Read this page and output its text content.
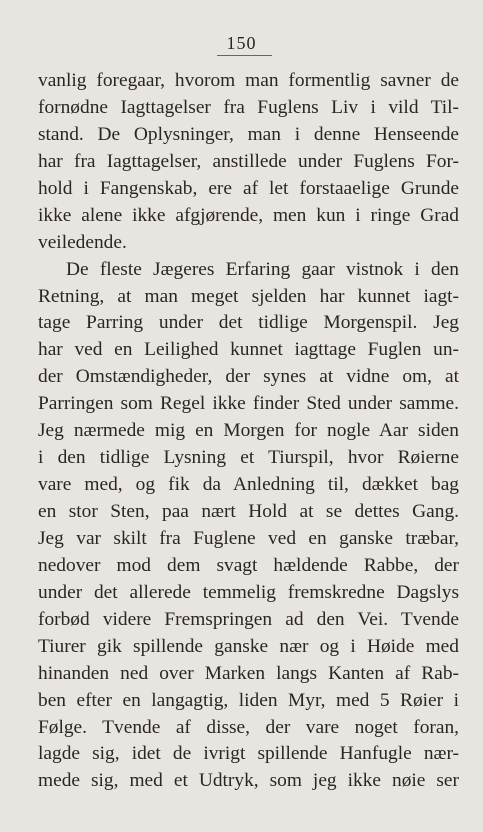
150
vanlig foregaar, hvorom man formentlig savner de
fornødne Iagttagelser fra Fuglens Liv i vild Til-
stand. De Oplysninger, man i denne Henseende
har fra Iagttagelser, anstillede under Fuglens For-
hold i Fangenskab, ere af let forstaaelige Grunde
ikke alene ikke afgjørende, men kun i ringe Grad
veiledende.
De fleste Jægeres Erfaring gaar vistnok i den
Retning, at man meget sjelden har kunnet iagt-
tage Parring under det tidlige Morgenspil. Jeg
har ved en Leilighed kunnet iagttage Fuglen un-
der Omstændigheder, der synes at vidne om, at
Parringen som Regel ikke finder Sted under samme.
Jeg nærmede mig en Morgen for nogle Aar siden
i den tidlige Lysning et Tiurspil, hvor Røierne
vare med, og fik da Anledning til, dækket bag
en stor Sten, paa nært Hold at se dettes Gang.
Jeg var skilt fra Fuglene ved en ganske træbar,
nedover mod dem svagt hældende Rabbe, der
under det allerede temmelig fremskredne Dagslys
forbød videre Fremspringen ad den Vei. Tvende
Tiurer gik spillende ganske nær og i Høide med
hinanden ned over Marken langs Kanten af Rab-
ben efter en langagtig, liden Myr, med 5 Røier i
Følge. Tvende af disse, der vare noget foran,
lagde sig, idet de ivrigt spillende Hanfugle nær-
mede sig, med et Udtryk, som jeg ikke nøie ser
